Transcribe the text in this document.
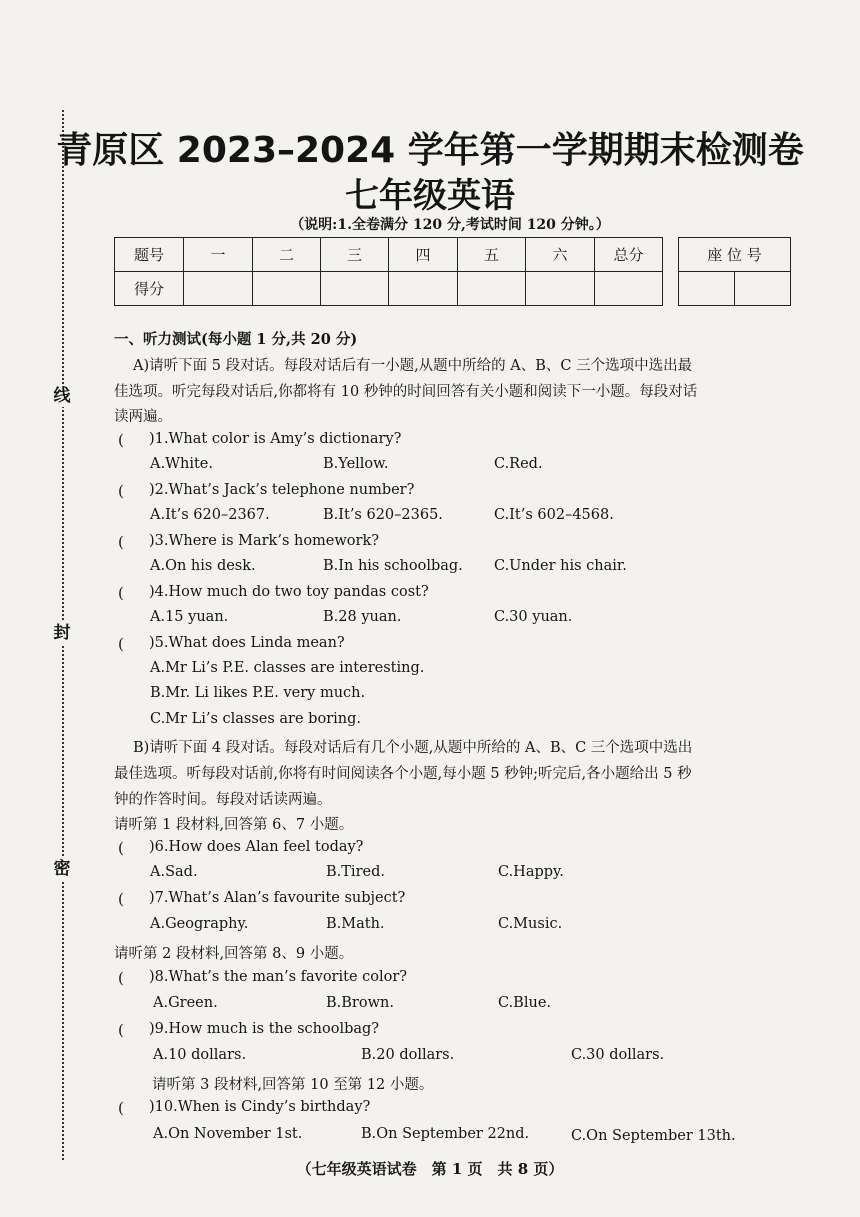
线
封
密
青原区 2023–2024 学年第一学期期末检测卷
七年级英语
（说明:1.全卷满分 120 分,考试时间 120 分钟。）
题号	一	二	三	四	五	六	总分
得分							
座 位 号

一、听力测试(每小题 1 分,共 20 分)
A)请听下面 5 段对话。每段对话后有一小题,从题中所给的 A、B、C 三个选项中选出最
佳选项。听完每段对话后,你都将有 10 秒钟的时间回答有关小题和阅读下一小题。每段对话
读两遍。
( )1.What color is Amy’s dictionary?
A.White.	B.Yellow.	C.Red.
( )2.What’s Jack’s telephone number?
A.It’s 620–2367.	B.It’s 620–2365.	C.It’s 602–4568.
( )3.Where is Mark’s homework?
A.On his desk.	B.In his schoolbag. C.Under his chair.
( )4.How much do two toy pandas cost?
A.15 yuan.	B.28 yuan.	C.30 yuan.
( )5.What does Linda mean?
A.Mr Li’s P.E. classes are interesting.
B.Mr. Li likes P.E. very much.
C.Mr Li’s classes are boring.
B)请听下面 4 段对话。每段对话后有几个小题,从题中所给的 A、B、C 三个选项中选出
最佳选项。听每段对话前,你将有时间阅读各个小题,每小题 5 秒钟;听完后,各小题给出 5 秒
钟的作答时间。每段对话读两遍。
请听第 1 段材料,回答第 6、7 小题。
( )6.How does Alan feel today?
A.Sad.	B.Tired.	C.Happy.
( )7.What’s Alan’s favourite subject?
A.Geography.	B.Math.	C.Music.
请听第 2 段材料,回答第 8、9 小题。
( )8.What’s the man’s favorite color?
A.Green.	B.Brown.	C.Blue.
( )9.How much is the schoolbag?
A.10 dollars.	B.20 dollars.	C.30 dollars.
请听第 3 段材料,回答第 10 至第 12 小题。
( )10.When is Cindy’s birthday?
A.On November 1st.	B.On September 22nd.	C.On September 13th.
（七年级英语试卷　第 1 页　共 8 页）
